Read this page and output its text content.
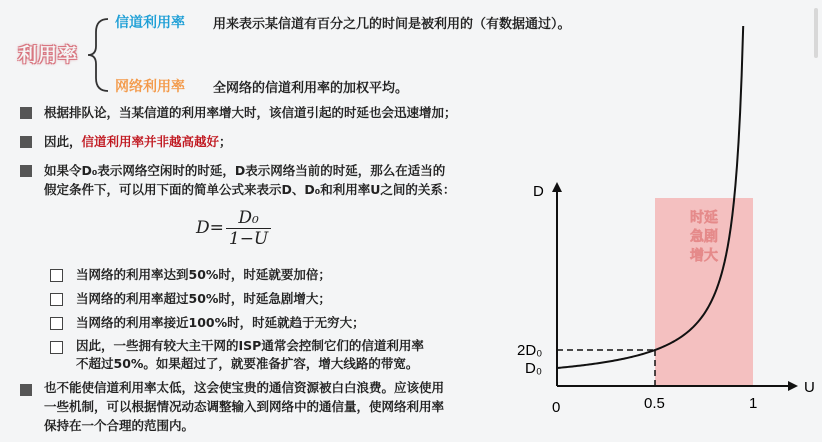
利用率
信道利用率 用来表示某信道有百分之几的时间是被利用的（有数据通过）。
网络利用率 全网络的信道利用率的加权平均。
根据排队论，当某信道的利用率增大时，该信道引起的时延也会迅速增加；
因此，信道利用率并非越高越好；
如果令D₀表示网络空闲时的时延，D表示网络当前的时延，那么在适当的
假定条件下，可以用下面的简单公式来表示D、D₀和利用率U之间的关系：
$D= \frac{\text{D₀}}{1-U}$
当网络的利用率达到50%时，时延就要加倍；
当网络的利用率超过50%时，时延急剧增大；
当网络的利用率接近100%时，时延就趋于无穷大；
因此，一些拥有较大主干网的ISP通常会控制它们的信道利用率
不超过50%。如果超过了，就要准备扩容，增大线路的带宽。
也不能使信道利用率太低，这会使宝贵的通信资源被白白浪费。应该使用
一些机制，可以根据情况动态调整输入到网络中的通信量，使网络利用率
保持在一个合理的范围内。
时延
急剧
增大
D
U
0	0.5	1
D₀
2D₀
